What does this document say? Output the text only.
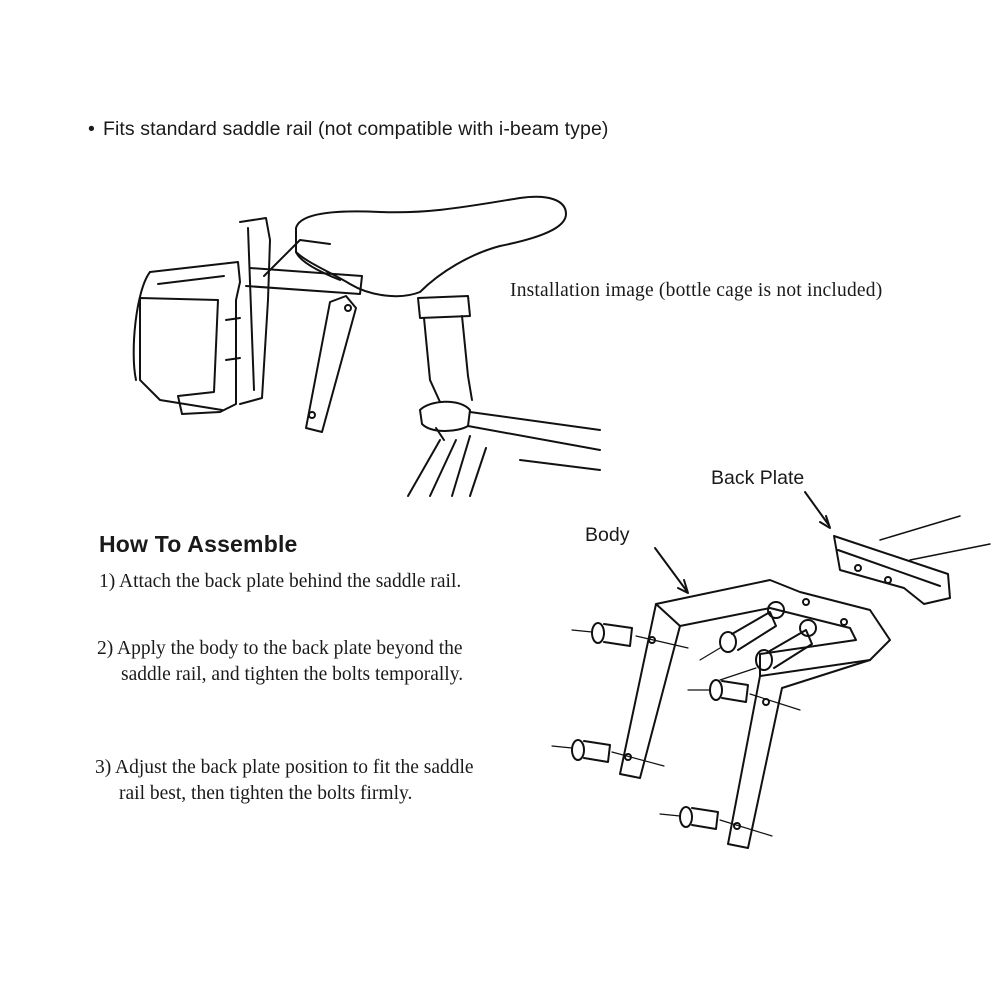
• Fits standard saddle rail (not compatible with i-beam type)
Installation image (bottle cage is not included)
Back Plate
Body
How To Assemble
1) Attach the back plate behind the saddle rail.
2) Apply the body to the back plate beyond the
saddle rail, and tighten the bolts temporally.
3) Adjust the back plate position to fit the saddle
rail best, then tighten the bolts firmly.
